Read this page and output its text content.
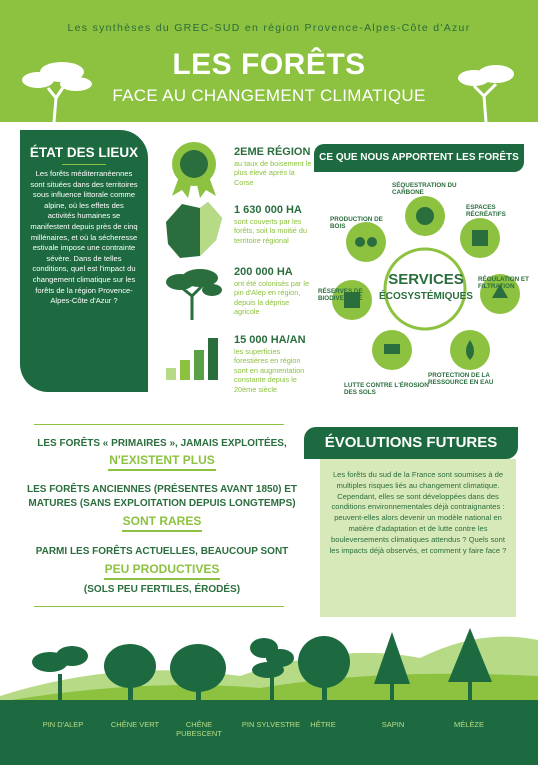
Les synthèses du GREC-SUD en région Provence-Alpes-Côte d'Azur
LES FORÊTS
FACE AU CHANGEMENT CLIMATIQUE
ÉTAT DES LIEUX
Les forêts méditerranéennes sont situées dans des territoires sous influence littorale comme alpine, où les effets des activités humaines se manifestent depuis près de cinq millénaires, et où la sécheresse estivale impose une contrainte sévère. Dans de telles conditions, quel est l'impact du changement climatique sur les forêts de la région Provence-Alpes-Côte d'Azur ?
2EME RÉGION
au taux de boisement le plus élevé après la Corse
1 630 000 HA
sont couverts par les forêts, soit la moitié du territoire régional
200 000 HA
ont été colonisés par le pin d'Alep en région, depuis la déprise agricole
15 000 HA/AN
les superficies forestières en région sont en augmentation constante depuis le 20ème siècle
CE QUE NOUS APPORTENT LES FORÊTS
SERVICES
ÉCOSYSTÉMIQUES
SÉQUESTRATION DU CARBONE
ESPACES RÉCRÉATIFS
RÉGULATION ET FILTRATION
PROTECTION DE LA RESSOURCE EN EAU
LUTTE CONTRE L'ÉROSION DES SOLS
RÉSERVES DE BIODIVERSITÉ
PRODUCTION DE BOIS
LES FORÊTS « PRIMAIRES », JAMAIS EXPLOITÉES,
N'EXISTENT PLUS
LES FORÊTS ANCIENNES (PRÉSENTES AVANT 1850) ET
MATURES (SANS EXPLOITATION DEPUIS LONGTEMPS)
SONT RARES
PARMI LES FORÊTS ACTUELLES, BEAUCOUP SONT
PEU PRODUCTIVES
(SOLS PEU FERTILES, ÉRODÉS)
ÉVOLUTIONS FUTURES
Les forêts du sud de la France sont soumises à de multiples risques liés au changement climatique. Cependant, elles se sont développées dans des conditions environnementales déjà contraignantes : peuvent-elles alors devenir un modèle national en matière d'adaptation et de lutte contre les bouleversements climatiques attendus ? Quels sont les impacts déjà observés, et comment y faire face ?
PIN D'ALEP	CHÊNE VERT	CHÊNE PUBESCENT
PIN SYLVESTRE	HÊTRE	SAPIN	MÉLÈZE
